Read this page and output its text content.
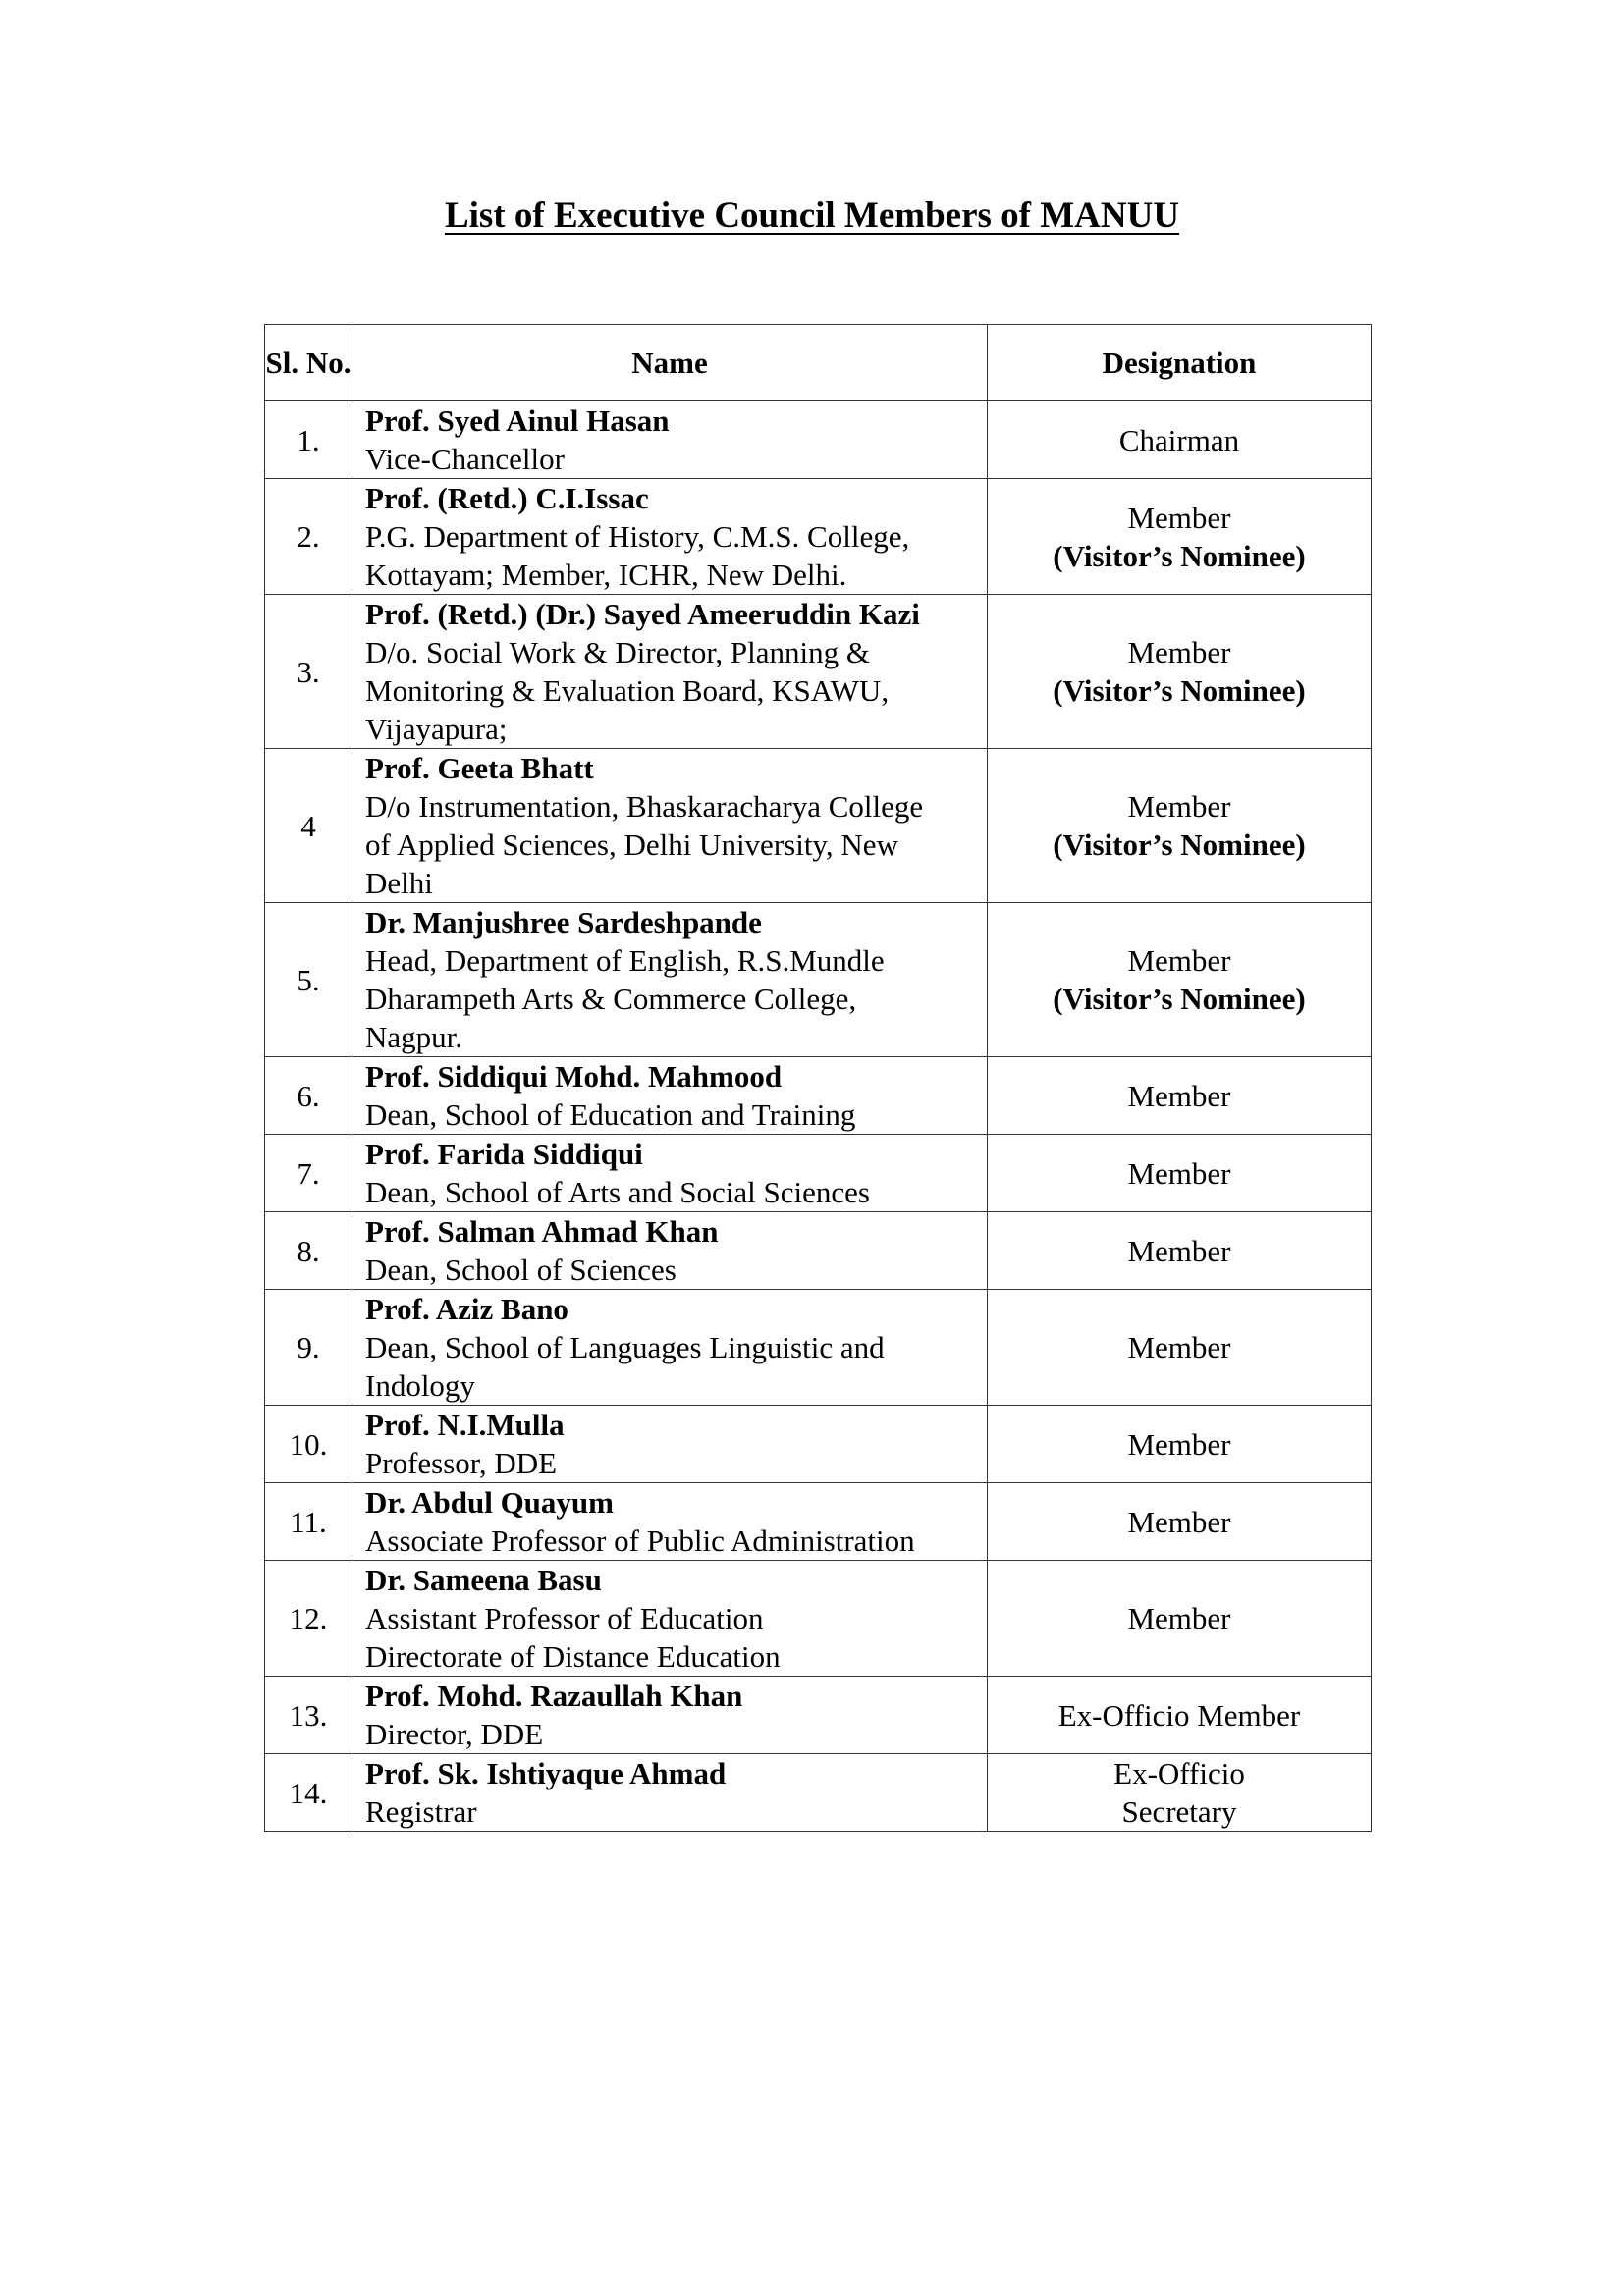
List of Executive Council Members of MANUU
Sl. No.	Name	Designation
1.	Prof. Syed Ainul Hasan
Vice-Chancellor	Chairman

2.	Prof. (Retd.) C.I.Issac
P.G. Department of History, C.M.S. College,
Kottayam; Member, ICHR, New Delhi.	Member
(Visitor’s Nominee)

3.	Prof. (Retd.) (Dr.) Sayed Ameeruddin Kazi
D/o. Social Work & Director, Planning &
Monitoring & Evaluation Board, KSAWU,
Vijayapura;	Member
(Visitor’s Nominee)

4	Prof. Geeta Bhatt
D/o Instrumentation, Bhaskaracharya College
of Applied Sciences, Delhi University, New
Delhi	Member
(Visitor’s Nominee)

5.	Dr. Manjushree Sardeshpande
Head, Department of English, R.S.Mundle
Dharampeth Arts & Commerce College,
Nagpur.	Member
(Visitor’s Nominee)

6.	Prof. Siddiqui Mohd. Mahmood
Dean, School of Education and Training	Member

7.	Prof. Farida Siddiqui
Dean, School of Arts and Social Sciences	Member

8.	Prof. Salman Ahmad Khan
Dean, School of Sciences	Member

9.	Prof. Aziz Bano
Dean, School of Languages Linguistic and
Indology	Member

10.	Prof. N.I.Mulla
Professor, DDE	Member

11.	Dr. Abdul Quayum
Associate Professor of Public Administration	Member

12.	Dr. Sameena Basu
Assistant Professor of Education
Directorate of Distance Education	Member

13.	Prof. Mohd. Razaullah Khan
Director, DDE	Ex-Officio Member

14.	Prof. Sk. Ishtiyaque Ahmad
Registrar	Ex-Officio
Secretary
